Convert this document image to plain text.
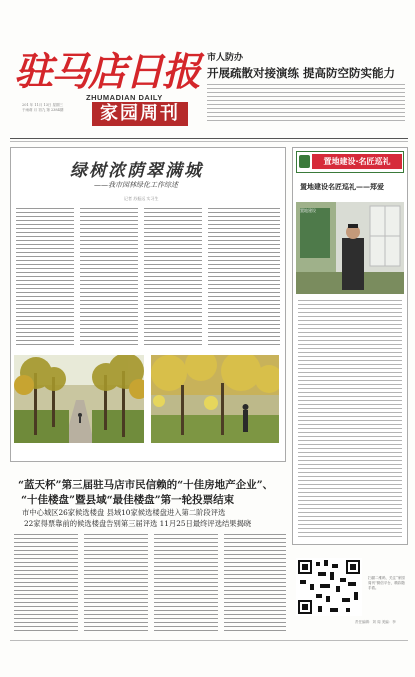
驻马店日报
ZHUMADIAN DAILY
201 年 11月 13日 星期三
于雨莉 月 初九 第 2384期	家园周刊
市人防办
开展疏散对接演练 提高防空防实能力
绿树浓荫翠满城
——我市园林绿化工作综述
记者 苏振远 实习生
“蓝天杯”第三届驻马店市民信赖的“十佳房地产企业”、
“十佳楼盘”暨县域“最佳楼盘”第一轮投票结束
市中心城区26家候选楼盘 县域10家候选楼盘进入第二阶段评选
22家得票靠前的候选楼盘告别第三届评选 11月25日最终评选结果揭晓
置地建设·名匠巡礼
置地建设名匠巡礼——郑爱
置地建设
扫描二维码，关注“家园周刊”微信平台，精彩随手看。
责任编辑：刘 周 美编：李
